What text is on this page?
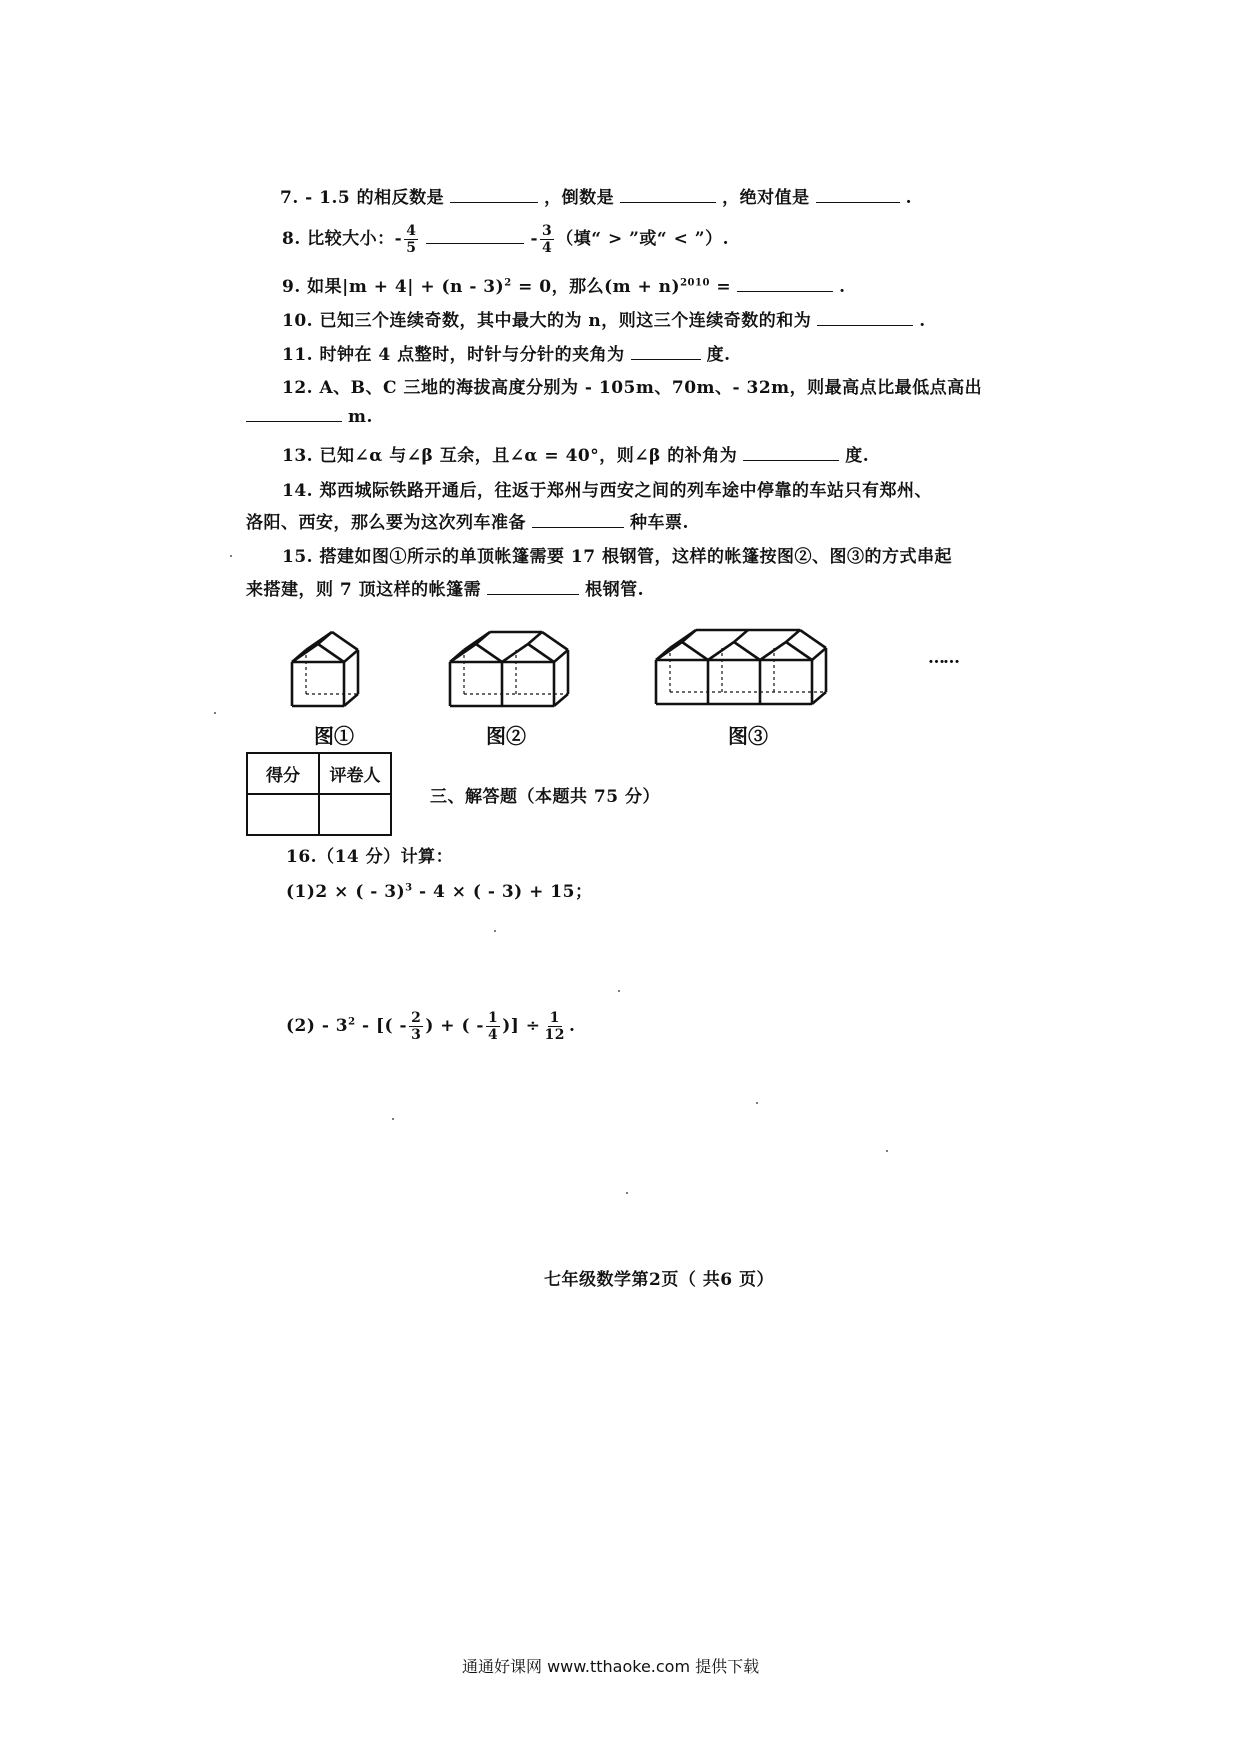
7. - 1.5 的相反数是	，倒数是	，绝对值是	.
8. 比较大小：- $\frac{4}{5}$	- $\frac{3}{4}$ （填“ > ”或“ < ”）.
9. 如果|m + 4| + (n - 3)$^2$ = 0，那么$(m + n)^{2010}$ =	.
10. 已知三个连续奇数，其中最大的为 n，则这三个连续奇数的和为	.
11. 时钟在 4 点整时，时针与分针的夹角为	度.
12. A、B、C 三地的海拔高度分别为 - 105m、70m、- 32m，则最高点比最低点高出
m.
13. 已知∠α 与∠β 互余，且∠α = 40°，则∠β 的补角为	度.
14. 郑西城际铁路开通后，往返于郑州与西安之间的列车途中停靠的车站只有郑州、
洛阳、西安，那么要为这次列车准备	种车票.
15. 搭建如图①所示的单顶帐篷需要 17 根钢管，这样的帐篷按图②、图③的方式串起
来搭建，则 7 顶这样的帐篷需	根钢管.
……
图①	图②	图③
得分	评卷人

三、解答题（本题共 75 分）
16.（14 分）计算：
(1)2 × ( - 3)$^3$ - 4 × ( - 3) + 15；
$(2) - 3^2$ - [( - $\frac{2}{3}$ ) + ( - $\frac{1}{4}$ )] ÷ $\frac{1}{12}$ .
七年级数学第2页（ 共6 页）
通通好课网 www.tthaoke.com 提供下载
